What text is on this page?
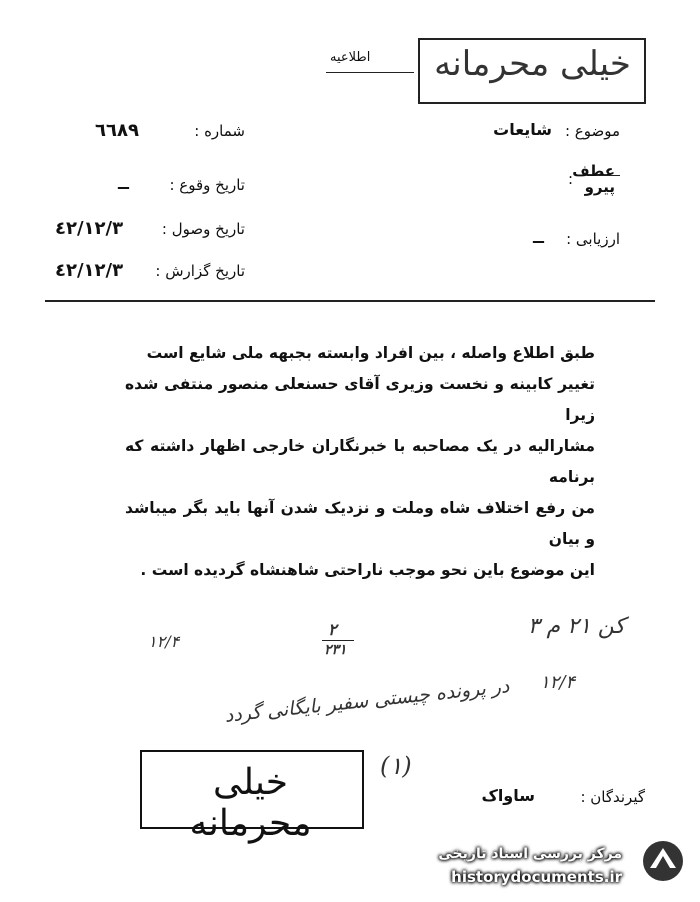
خیلی محرمانه
اطلاعیه
موضوع :
شایعات
عطف
پیرو
:
ارزیابی :
ــ
شماره :
٦٦٨٩
تاریخ وقوع :
ــ
تاریخ وصول :
٤٢/١٢/٣
تاریخ گزارش :
٤٢/١٢/٣
طبق اطلاع واصله ، بین افراد وابسته بجبهه ملی شایع است
تغییر کابینه و نخست وزیری آقای حسنعلی منصور منتفی شده زیرا
مشارالیه در یک مصاحبه با خبرنگاران خارجی اظهار داشته که برنامه
من رفع اختلاف شاه وملت و نزدیک شدن آنها باید بگر میباشد و بیان
این موضوع باین نحو موجب ناراحتی شاهنشاه گردیده است .
کن ۲۱ م ۳
۲
۲۳۱
۱۲/۴
۱۲/۴
در پرونده چیستی سفیر بایگانی گردد
(۱)
خیلی محرمانه
گیرندگان :
ساواک
مرکز بررسی اسناد تاریخی
historydocuments.ir
